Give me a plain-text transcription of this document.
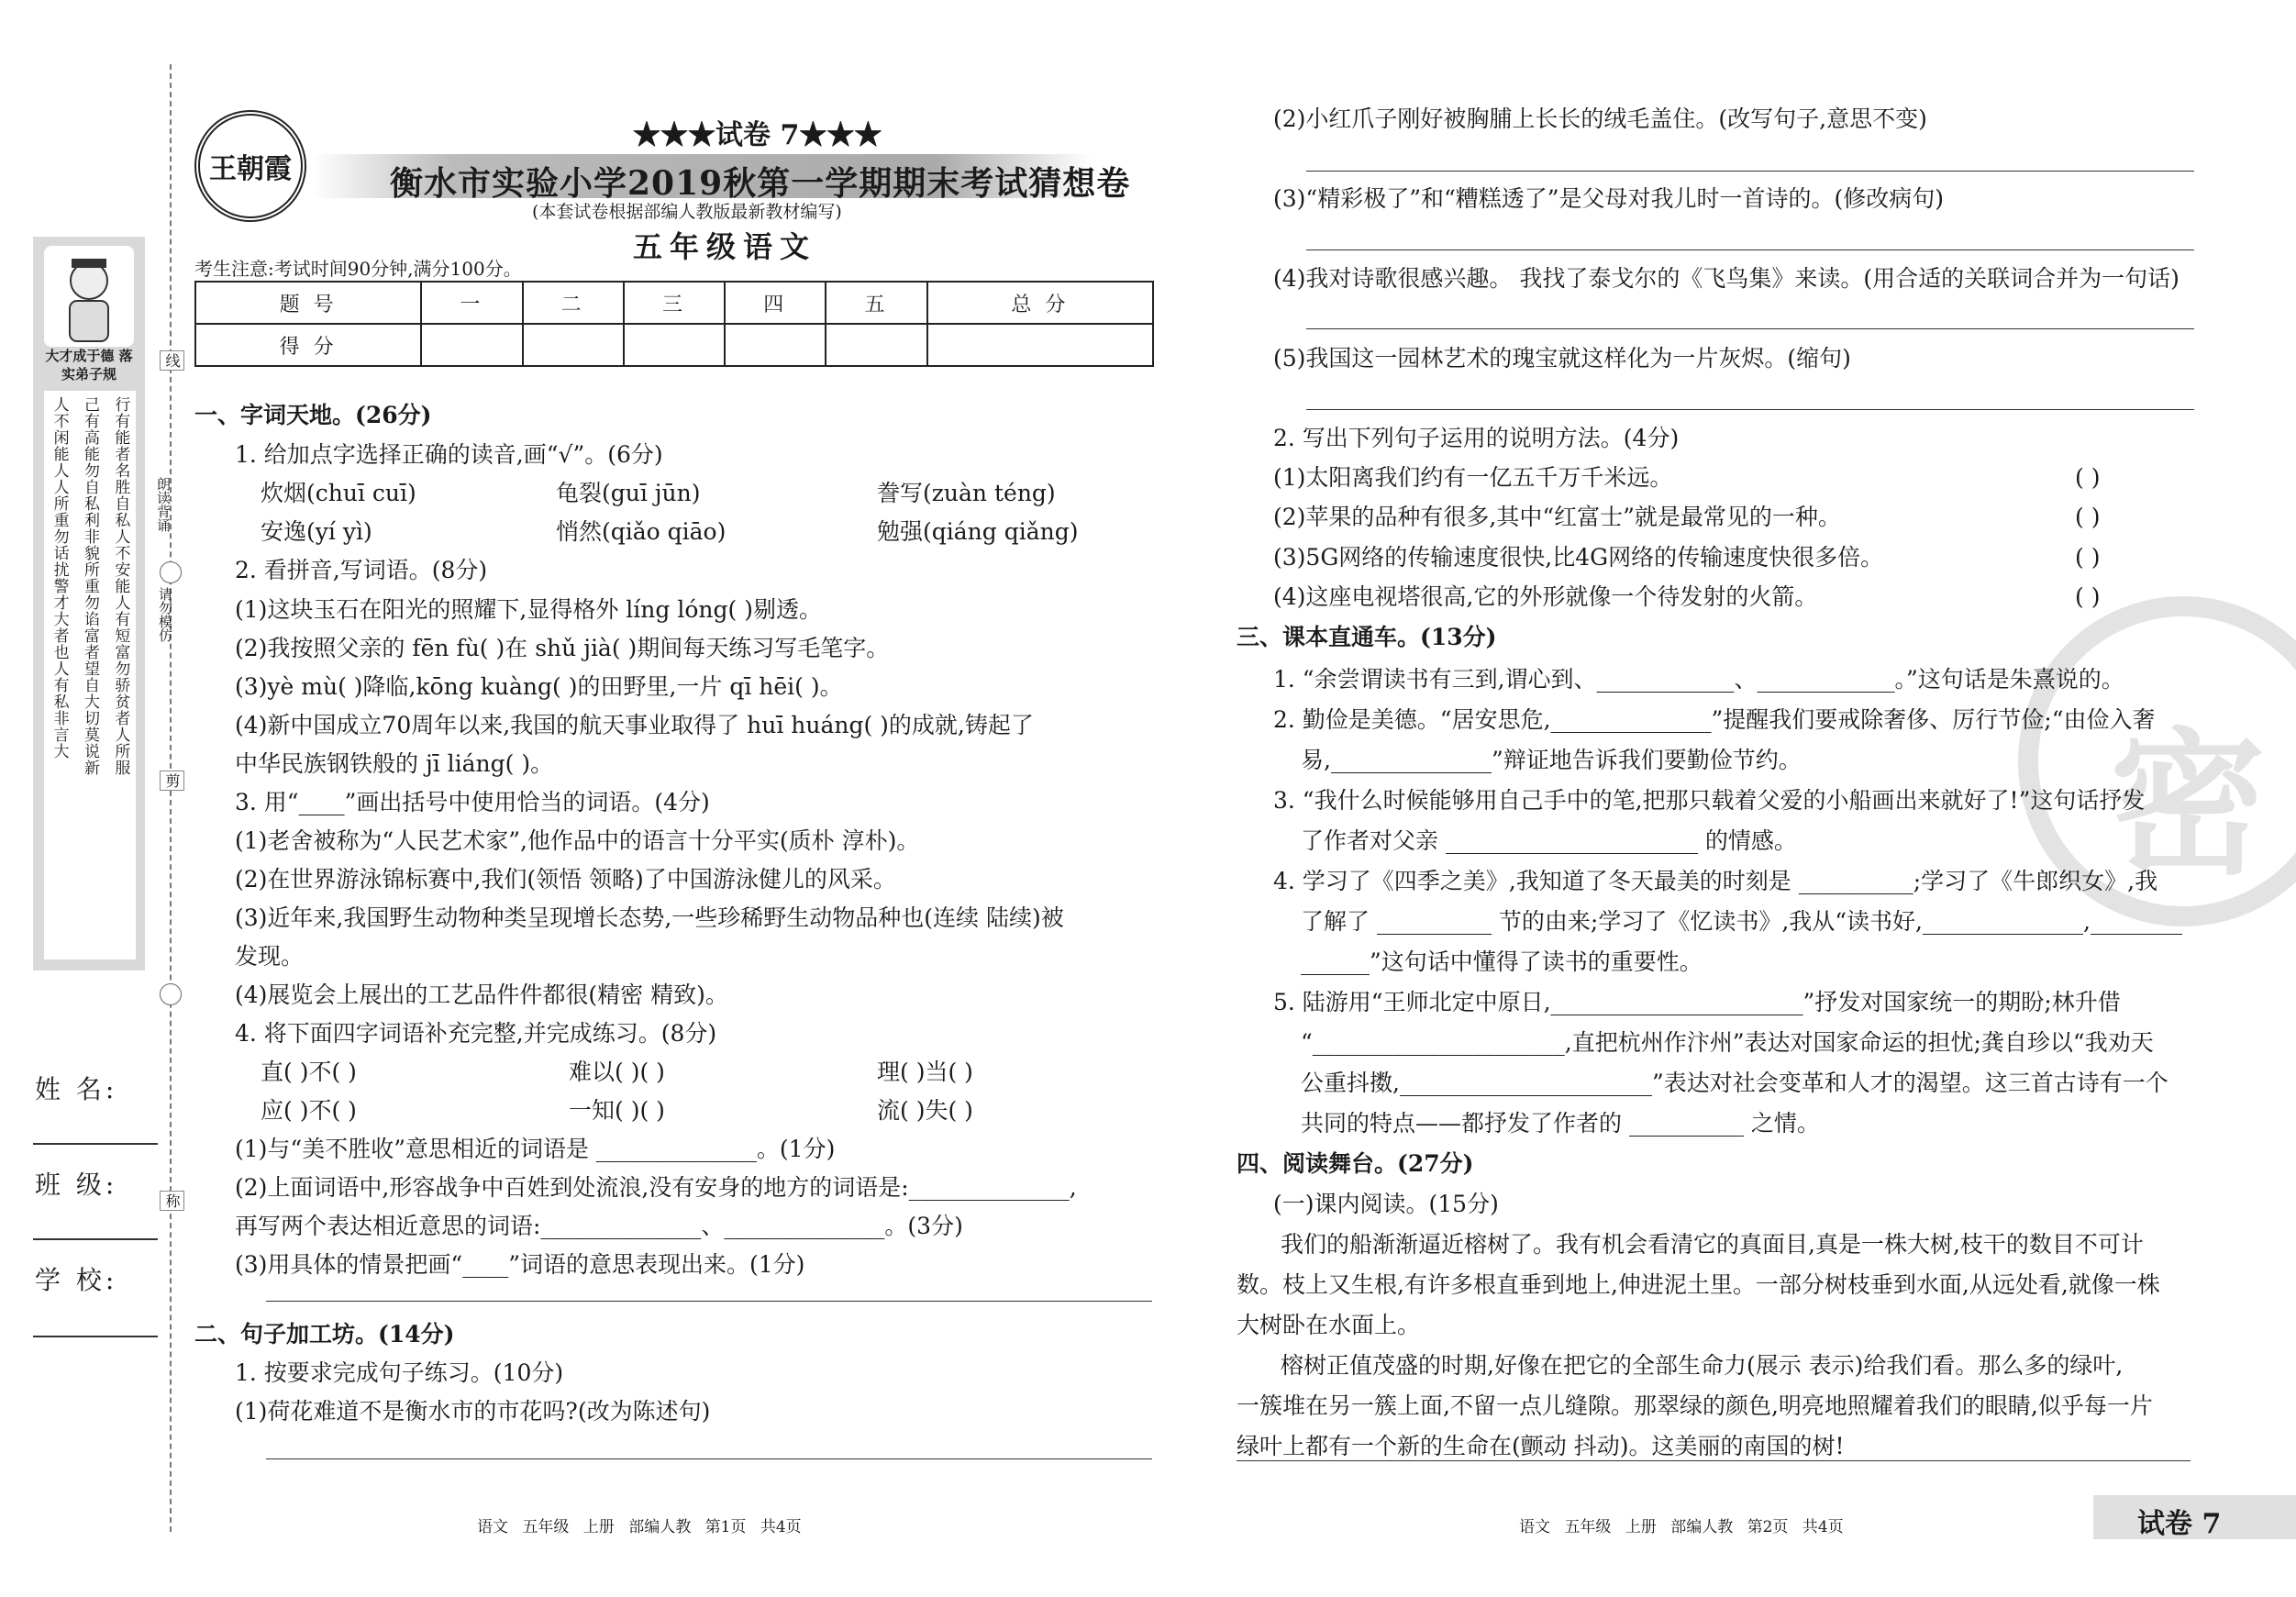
大才成于德 落实弟子规
行有能者名胜自私人不安能人有短富勿骄贫者人所服
己有高能勿自私利非貌所重勿谄富者望自大切莫说新
人不闲能人人所重勿话扰警才大者也人有私非言大
线
朗读背诵
请勿模仿
剪
称
姓 名:
班 级:
学 校:
王朝霞
★★★试卷 7★★★
衡水市实验小学2019秋第一学期期末考试猜想卷
(本套试卷根据部编人教版最新教材编写)
五年级语文
考生注意:考试时间90分钟,满分100分。
题 号	一	二	三	四	五	总 分
得 分						
一、字词天地。(26分)
1. 给加点字选择正确的读音,画“√”。(6分)
炊烟(chuī cuī)	龟裂(guī jūn)	誊写(zuàn téng)
安逸(yí yì)	悄然(qiǎo qiāo)	勉强(qiáng qiǎng)
2. 看拼音,写词语。(8分)
(1)这块玉石在阳光的照耀下,显得格外 líng lóng( )剔透。
(2)我按照父亲的 fēn fù( )在 shǔ jià( )期间每天练习写毛笔字。
(3)yè mù( )降临,kōng kuàng( )的田野里,一片 qī hēi( )。
(4)新中国成立70周年以来,我国的航天事业取得了 huī huáng( )的成就,铸起了
中华民族钢铁般的 jī liáng( )。
3. 用“____”画出括号中使用恰当的词语。(4分)
(1)老舍被称为“人民艺术家”,他作品中的语言十分平实(质朴 淳朴)。
(2)在世界游泳锦标赛中,我们(领悟 领略)了中国游泳健儿的风采。
(3)近年来,我国野生动物种类呈现增长态势,一些珍稀野生动物品种也(连续 陆续)被
发现。
(4)展览会上展出的工艺品件件都很(精密 精致)。
4. 将下面四字词语补充完整,并完成练习。(8分)
直( )不( )	难以( )( )	理( )当( )
应( )不( )	一知( )( )	流( )失( )
(1)与“美不胜收”意思相近的词语是 ______________。(1分)
(2)上面词语中,形容战争中百姓到处流浪,没有安身的地方的词语是:______________,
再写两个表达相近意思的词语:______________、______________。(3分)
(3)用具体的情景把画“____”词语的意思表现出来。(1分)
二、句子加工坊。(14分)
1. 按要求完成句子练习。(10分)
(1)荷花难道不是衡水市的市花吗?(改为陈述句)
语文 五年级 上册 部编人教 第1页 共4页
密
(2)小红爪子刚好被胸脯上长长的绒毛盖住。(改写句子,意思不变)
(3)“精彩极了”和“糟糕透了”是父母对我儿时一首诗的。(修改病句)
(4)我对诗歌很感兴趣。 我找了泰戈尔的《飞鸟集》来读。(用合适的关联词合并为一句话)
(5)我国这一园林艺术的瑰宝就这样化为一片灰烬。(缩句)
2. 写出下列句子运用的说明方法。(4分)
(1)太阳离我们约有一亿五千万千米远。	( )
(2)苹果的品种有很多,其中“红富士”就是最常见的一种。	( )
(3)5G网络的传输速度很快,比4G网络的传输速度快很多倍。	( )
(4)这座电视塔很高,它的外形就像一个待发射的火箭。	( )
三、课本直通车。(13分)
1. “余尝谓读书有三到,谓心到、____________、____________。”这句话是朱熹说的。
2. 勤俭是美德。“居安思危,______________”提醒我们要戒除奢侈、厉行节俭;“由俭入奢
易,______________”辩证地告诉我们要勤俭节约。
3. “我什么时候能够用自己手中的笔,把那只载着父爱的小船画出来就好了!”这句话抒发
了作者对父亲 ______________________ 的情感。
4. 学习了《四季之美》,我知道了冬天最美的时刻是 __________;学习了《牛郎织女》,我
了解了 __________ 节的由来;学习了《忆读书》,我从“读书好,______________,________
______”这句话中懂得了读书的重要性。
5. 陆游用“王师北定中原日,______________________”抒发对国家统一的期盼;林升借
“______________________,直把杭州作汴州”表达对国家命运的担忧;龚自珍以“我劝天
公重抖擞,______________________”表达对社会变革和人才的渴望。这三首古诗有一个
共同的特点——都抒发了作者的 __________ 之情。
四、阅读舞台。(27分)
(一)课内阅读。(15分)
我们的船渐渐逼近榕树了。我有机会看清它的真面目,真是一株大树,枝干的数目不可计
数。枝上又生根,有许多根直垂到地上,伸进泥土里。一部分树枝垂到水面,从远处看,就像一株
大树卧在水面上。
榕树正值茂盛的时期,好像在把它的全部生命力(展示 表示)给我们看。那么多的绿叶,
一簇堆在另一簇上面,不留一点儿缝隙。那翠绿的颜色,明亮地照耀着我们的眼睛,似乎每一片
绿叶上都有一个新的生命在(颤动 抖动)。这美丽的南国的树!
语文 五年级 上册 部编人教 第2页 共4页	试卷 7
